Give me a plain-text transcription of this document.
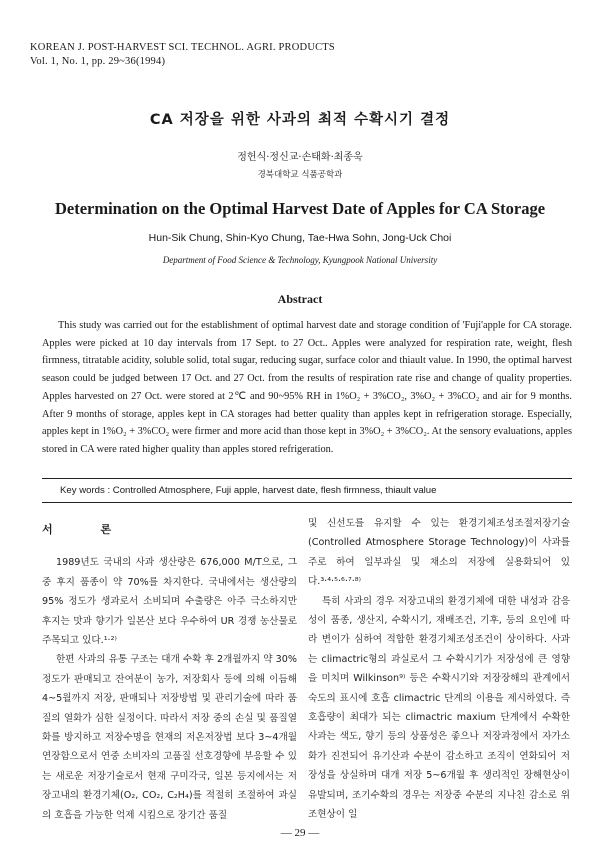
KOREAN J. POST-HARVEST SCI. TECHNOL. AGRI. PRODUCTS
Vol. 1, No. 1, pp. 29~36(1994)
CA 저장을 위한 사과의 최적 수확시기 결정
정헌식·정신교·손태화·최종욱
경북대학교 식품공학과
Determination on the Optimal Harvest Date of Apples for CA Storage
Hun-Sik Chung, Shin-Kyo Chung, Tae-Hwa Sohn, Jong-Uck Choi
Department of Food Science & Technology, Kyungpook National University
Abstract

This study was carried out for the establishment of optimal harvest date and storage condition of 'Fuji'apple for CA storage. Apples were picked at 10 day intervals from 17 Sept. to 27 Oct.. Apples were analyzed for respiration rate, weight, flesh firmness, titratable acidity, soluble solid, total sugar, reducing sugar, surface color and thiault value. In 1990, the optimal harvest season could be judged between 17 Oct. and 27 Oct. from the results of respiration rate rise and change of quality properties. Apples harvested on 27 Oct. were stored at 2℃ and 90~95% RH in 1%O₂ + 3%CO₂, 3%O₂ + 3%CO₂ and air for 9 months. After 9 months of storage, apples kept in CA storages had better quality than apples kept in refrigeration storage. Especially, apples kept in 1%O₂ + 3%CO₂ were firmer and more acid than those kept in 3%O₂ + 3%CO₂. At the sensory evaluations, apples stored in CA were rated higher quality than apples stored refrigeration.

Key words : Controlled Atmosphere, Fuji apple, harvest date, flesh firmness, thiault value

서 론

1989년도 국내의 사과 생산량은 676,000 M/T으로, 그 중 후지 품종이 약 70%를 차지한다. 국내에서는 생산량의 95% 정도가 생과로서 소비되며 수출량은 아주 극소하지만 후지는 맛과 향기가 일본산 보다 우수하여 UR 경쟁 농산물로 주목되고 있다.¹·²⁾

한편 사과의 유통 구조는 대개 수확 후 2개월까지 약 30% 정도가 판매되고 잔여분이 농가, 저장회사 등에 의해 이듬해 4~5월까지 저장, 판매되나 저장방법 및 관리기술에 따라 품질의 열화가 심한 실정이다. 따라서 저장 중의 손실 및 품질열화를 방지하고 저장수명을 현재의 저온저장법 보다 3~4개월 연장함으로서 연중 소비자의 고품질 선호경향에 부응할 수 있는 새로운 저장기술로서 현재 구미각국, 일본 등지에서는 저장고내의 환경기체(O₂, CO₂, C₂H₄)를 적절히 조절하여 과실의 호흡을 가능한 억제 시킴으로 장기간 품질

및 신선도를 유지할 수 있는 환경기체조성조절저장기술(Controlled Atmosphere Storage Technology)이 사과를 주로 하여 일부과실 및 채소의 저장에 실용화되어 있다.³·⁴·⁵·⁶·⁷·⁸⁾

특히 사과의 경우 저장고내의 환경기체에 대한 내성과 감응성이 품종, 생산지, 수확시기, 재배조건, 기후, 등의 요인에 따라 변이가 심하여 적합한 환경기체조성조건이 상이하다. 사과는 climactric형의 과실로서 그 수확시기가 저장성에 큰 영향을 미치며 Wilkinson⁹⁾ 등은 수확시기와 저장장해의 관계에서 숙도의 표시에 호흡 climactric 단계의 이용을 제시하였다. 즉 호흡량이 최대가 되는 climactric maxium 단계에서 수확한 사과는 색도, 향기 등의 상품성은 좋으나 저장과정에서 자가소화가 진전되어 유기산과 수분이 감소하고 조직이 연화되어 저장성을 상실하며 대개 저장 5~6개월 후 생리적인 장해현상이 유발되며, 조기수확의 경우는 저장중 수분의 지나친 감소로 위조현상이 일

— 29 —
